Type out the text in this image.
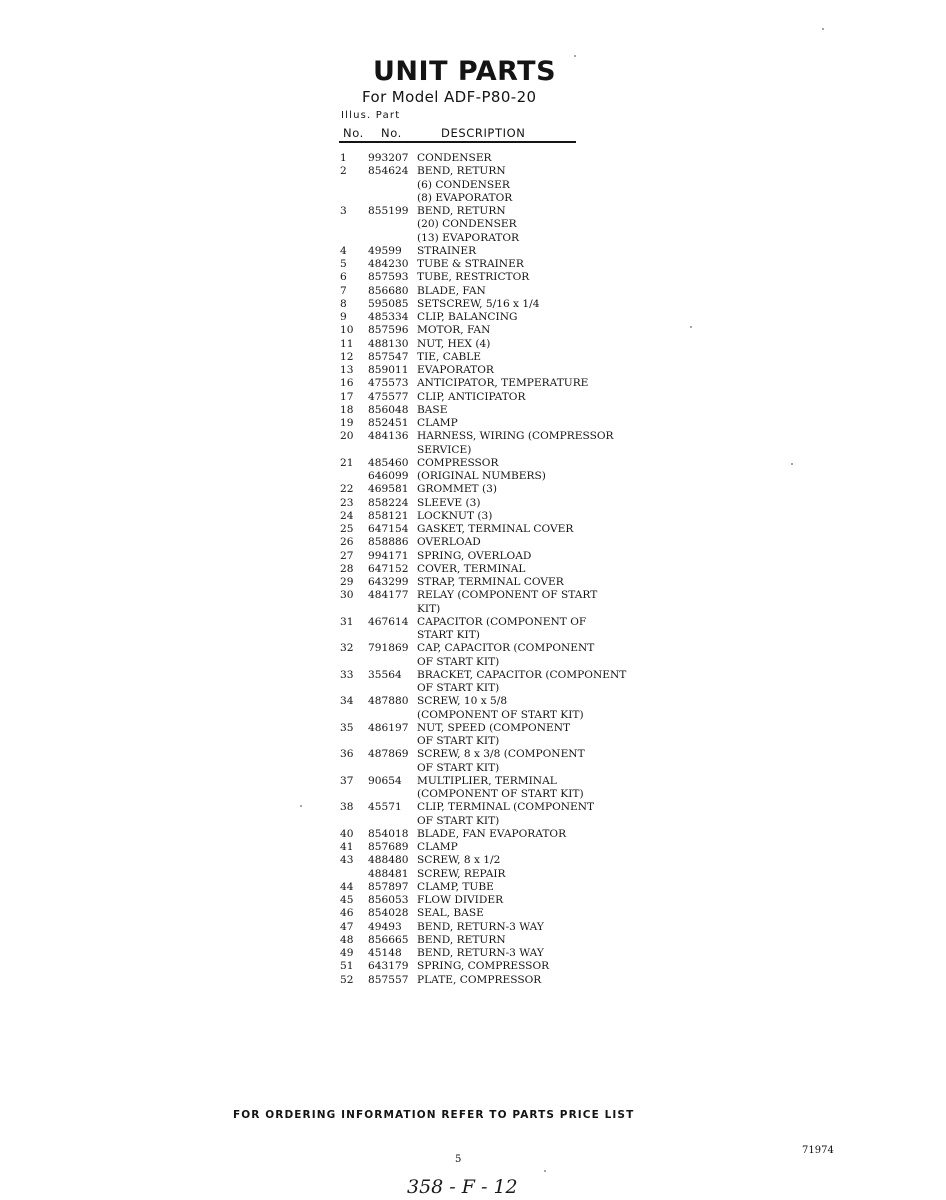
UNIT PARTS
For Model ADF-P80-20
Illus. Part
No. No.	DESCRIPTION
1	993207 CONDENSER
2	854624 BEND, RETURN
(6) CONDENSER
(8) EVAPORATOR
3	855199 BEND, RETURN
(20) CONDENSER
(13) EVAPORATOR
4	49599	STRAINER
5	484230 TUBE & STRAINER
6	857593 TUBE, RESTRICTOR
7	856680 BLADE, FAN
8	595085 SETSCREW, 5/16 x 1/4
9	485334 CLIP, BALANCING
10	857596 MOTOR, FAN
11	488130 NUT, HEX (4)
12	857547 TIE, CABLE
13	859011 EVAPORATOR
16	475573 ANTICIPATOR, TEMPERATURE
17	475577 CLIP, ANTICIPATOR
18	856048 BASE
19	852451 CLAMP
20	484136 HARNESS, WIRING (COMPRESSOR
SERVICE)
21	485460 COMPRESSOR
646099 (ORIGINAL NUMBERS)
22	469581 GROMMET (3)
23	858224 SLEEVE (3)
24	858121 LOCKNUT (3)
25	647154 GASKET, TERMINAL COVER
26	858886 OVERLOAD
27	994171 SPRING, OVERLOAD
28	647152 COVER, TERMINAL
29	643299 STRAP, TERMINAL COVER
30	484177 RELAY (COMPONENT OF START
KIT)
31	467614 CAPACITOR (COMPONENT OF
START KIT)
32	791869 CAP, CAPACITOR (COMPONENT
OF START KIT)
33	35564	BRACKET, CAPACITOR (COMPONENT
OF START KIT)
34	487880 SCREW, 10 x 5/8
(COMPONENT OF START KIT)
35	486197 NUT, SPEED (COMPONENT
OF START KIT)
36	487869 SCREW, 8 x 3/8 (COMPONENT
OF START KIT)
37	90654	MULTIPLIER, TERMINAL
(COMPONENT OF START KIT)
38	45571	CLIP, TERMINAL (COMPONENT
OF START KIT)
40	854018 BLADE, FAN EVAPORATOR
41	857689 CLAMP
43	488480 SCREW, 8 x 1/2
488481 SCREW, REPAIR
44	857897 CLAMP, TUBE
45	856053 FLOW DIVIDER
46	854028 SEAL, BASE
47	49493	BEND, RETURN-3 WAY
48	856665 BEND, RETURN
49	45148	BEND, RETURN-3 WAY
51	643179 SPRING, COMPRESSOR
52	857557 PLATE, COMPRESSOR
FOR ORDERING INFORMATION REFER TO PARTS PRICE LIST
5
71974
358 - F - 12
